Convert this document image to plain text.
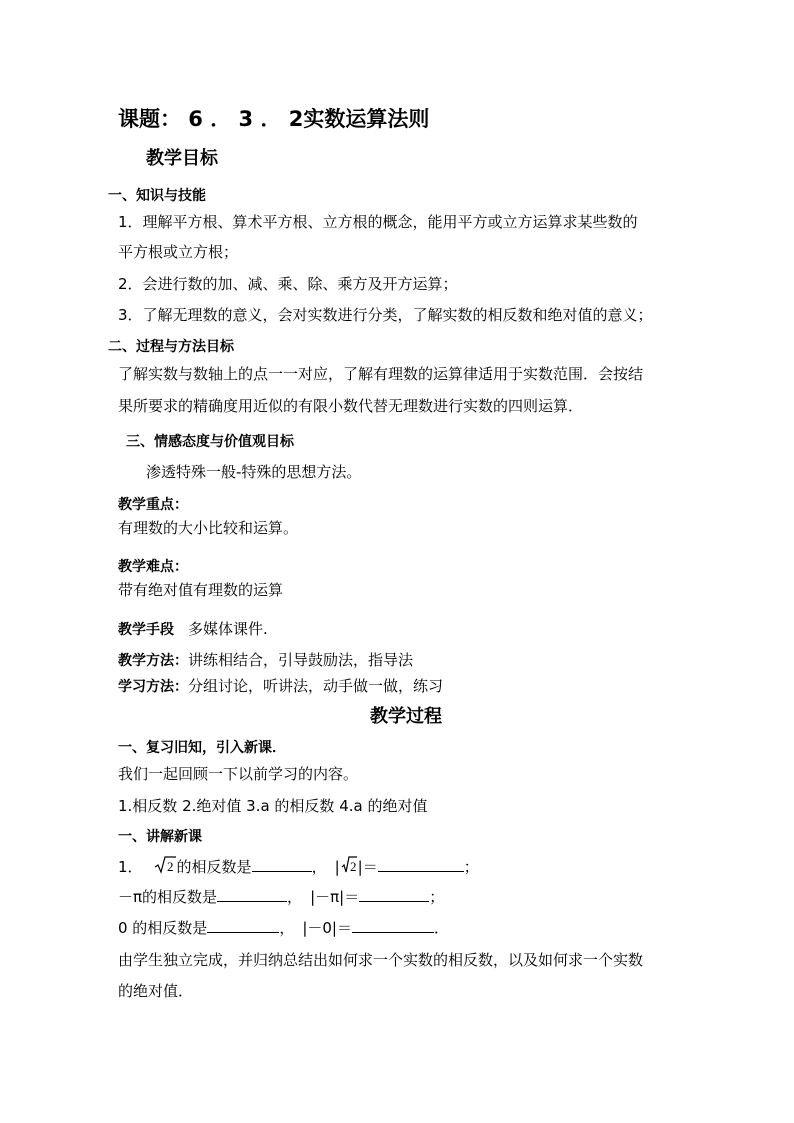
课题： 6 ． 3 ． 2实数运算法则
教学目标
一、知识与技能
1．理解平方根、算术平方根、立方根的概念，能用平方或立方运算求某些数的
平方根或立方根；
2．会进行数的加、减、乘、除、乘方及开方运算；
3．了解无理数的意义，会对实数进行分类，了解实数的相反数和绝对值的意义；
二、过程与方法目标
了解实数与数轴上的点一一对应，了解有理数的运算律适用于实数范围．会按结
果所要求的精确度用近似的有限小数代替无理数进行实数的四则运算．
三、情感态度与价值观目标
渗透特殊一般-特殊的思想方法。
教学重点：
有理数的大小比较和运算。
教学难点：
带有绝对值有理数的运算
教学手段 多媒体课件.
教学方法：讲练相结合，引导鼓励法，指导法
学习方法：分组讨论，听讲法，动手做一做，练习
教学过程
一、复习旧知，引入新课．
我们一起回顾一下以前学习的内容。
1.相反数 2.绝对值 3.a 的相反数 4.a 的绝对值
一、讲解新课
1． 2 的相反数是	， | 2 |＝	；
－π的相反数是	， |－π|＝	；
0 的相反数是	， |－0|＝	．
由学生独立完成，并归纳总结出如何求一个实数的相反数，以及如何求一个实数
的绝对值．
